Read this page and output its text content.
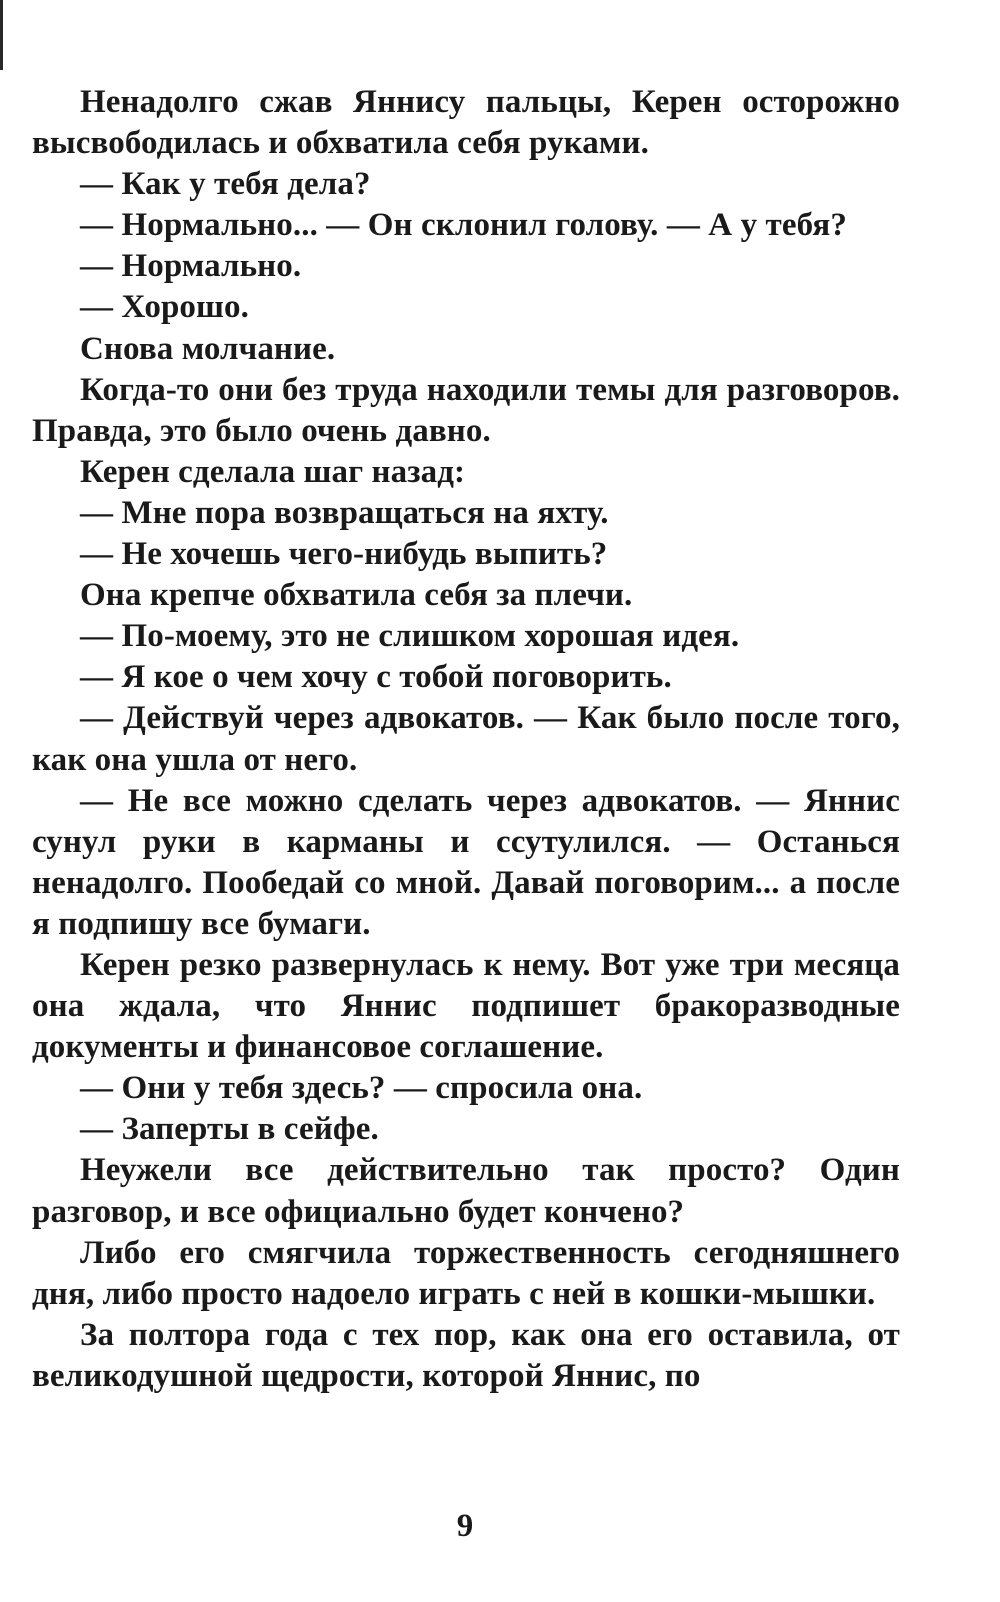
Ненадолго сжав Яннису пальцы, Керен осторожно высвободилась и обхватила себя руками.

— Как у тебя дела?

— Нормально... — Он склонил голову. — А у тебя?

— Нормально.

— Хорошо.

Снова молчание.

Когда-то они без труда находили темы для разговоров. Правда, это было очень давно.

Керен сделала шаг назад:

— Мне пора возвращаться на яхту.

— Не хочешь чего-нибудь выпить?

Она крепче обхватила себя за плечи.

— По-моему, это не слишком хорошая идея.

— Я кое о чем хочу с тобой поговорить.

— Действуй через адвокатов. — Как было после того, как она ушла от него.

— Не все можно сделать через адвокатов. — Яннис сунул руки в карманы и ссутулился. — Останься ненадолго. Пообедай со мной. Давай поговорим... а после я подпишу все бумаги.

Керен резко развернулась к нему. Вот уже три месяца она ждала, что Яннис подпишет бракоразводные документы и финансовое соглашение.

— Они у тебя здесь? — спросила она.

— Заперты в сейфе.

Неужели все действительно так просто? Один разговор, и все официально будет кончено?

Либо его смягчила торжественность сегодняшнего дня, либо просто надоело играть с ней в кошки-мышки.

За полтора года с тех пор, как она его оставила, от великодушной щедрости, которой Яннис, по

9
